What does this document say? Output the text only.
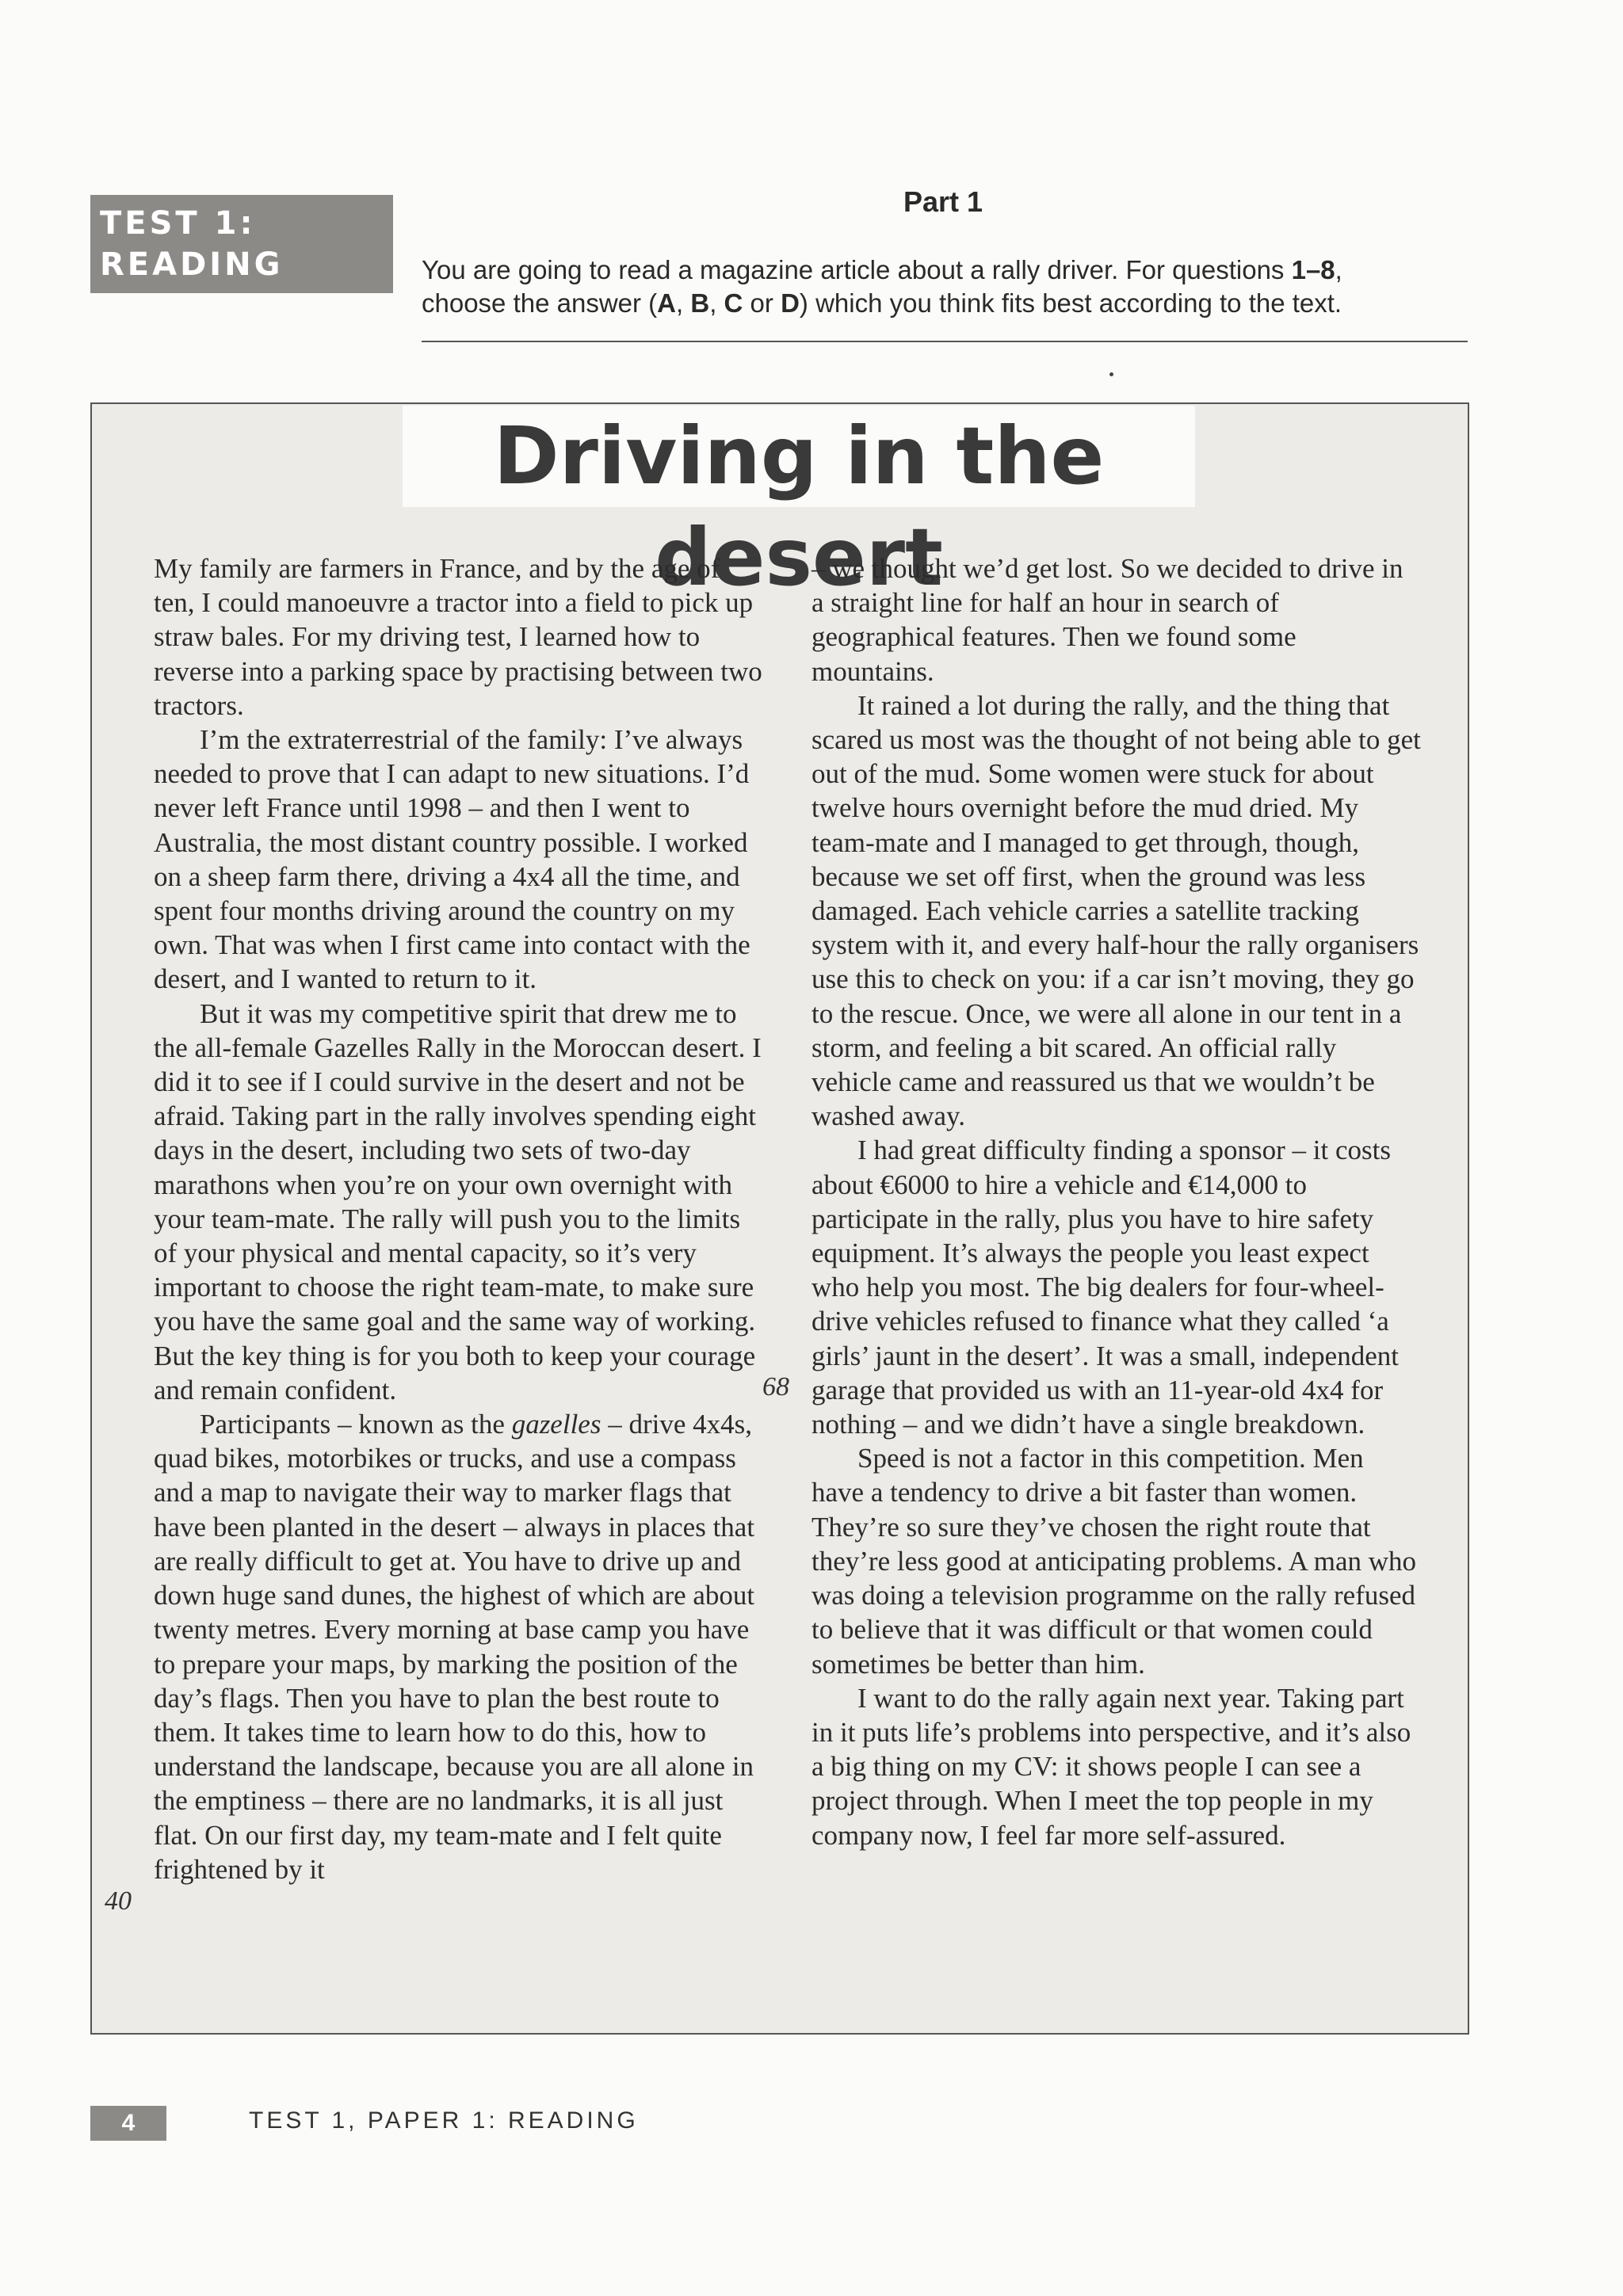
TEST 1:
READING
Part 1
You are going to read a magazine article about a rally driver. For questions 1–8,
choose the answer (A, B, C or D) which you think fits best according to the text.
Driving in the desert

My family are farmers in France, and by the age of ten, I could manoeuvre a tractor into a field to pick up straw bales. For my driving test, I learned how to reverse into a parking space by practising between two tractors.

I’m the extraterrestrial of the family: I’ve always needed to prove that I can adapt to new situations. I’d never left France until 1998 – and then I went to Australia, the most distant country possible. I worked on a sheep farm there, driving a 4x4 all the time, and spent four months driving around the country on my own. That was when I first came into contact with the desert, and I wanted to return to it.

But it was my competitive spirit that drew me to the all-female Gazelles Rally in the Moroccan desert. I did it to see if I could survive in the desert and not be afraid. Taking part in the rally involves spending eight days in the desert, including two sets of two-day marathons when you’re on your own overnight with your team-mate. The rally will push you to the limits of your physical and mental capacity, so it’s very important to choose the right team-mate, to make sure you have the same goal and the same way of working. But the key thing is for you both to keep your courage and remain confident.

Participants – known as the gazelles – drive 4x4s, quad bikes, motorbikes or trucks, and use a compass and a map to navigate their way to marker flags that have been planted in the desert – always in places that are really difficult to get at. You have to drive up and down huge sand dunes, the highest of which are about twenty metres. Every morning at base camp you have to prepare your maps, by marking the position of the day’s flags. Then you have to plan the best route to them. It takes time to learn how to do this, how to understand the landscape, because you are all alone in the emptiness – there are no landmarks, it is all just flat. On our first day, my team-mate and I felt quite frightened by it

– we thought we’d get lost. So we decided to drive in a straight line for half an hour in search of geographical features. Then we found some mountains.

It rained a lot during the rally, and the thing that scared us most was the thought of not being able to get out of the mud. Some women were stuck for about twelve hours overnight before the mud dried. My team-mate and I managed to get through, though, because we set off first, when the ground was less damaged. Each vehicle carries a satellite tracking system with it, and every half-hour the rally organisers use this to check on you: if a car isn’t moving, they go to the rescue. Once, we were all alone in our tent in a storm, and feeling a bit scared. An official rally vehicle came and reassured us that we wouldn’t be washed away.

I had great difficulty finding a sponsor – it costs about €6000 to hire a vehicle and €14,000 to participate in the rally, plus you have to hire safety equipment. It’s always the people you least expect who help you most. The big dealers for four-wheel-drive vehicles refused to finance what they called ‘a girls’ jaunt in the desert’. It was a small, independent garage that provided us with an 11-year-old 4x4 for nothing – and we didn’t have a single breakdown.

Speed is not a factor in this competition. Men have a tendency to drive a bit faster than women. They’re so sure they’ve chosen the right route that they’re less good at anticipating problems. A man who was doing a television programme on the rally refused to believe that it was difficult or that women could sometimes be better than him.

I want to do the rally again next year. Taking part in it puts life’s problems into perspective, and it’s also a big thing on my CV: it shows people I can see a project through. When I meet the top people in my company now, I feel far more self-assured.

40
68
4	TEST 1, PAPER 1: READING
